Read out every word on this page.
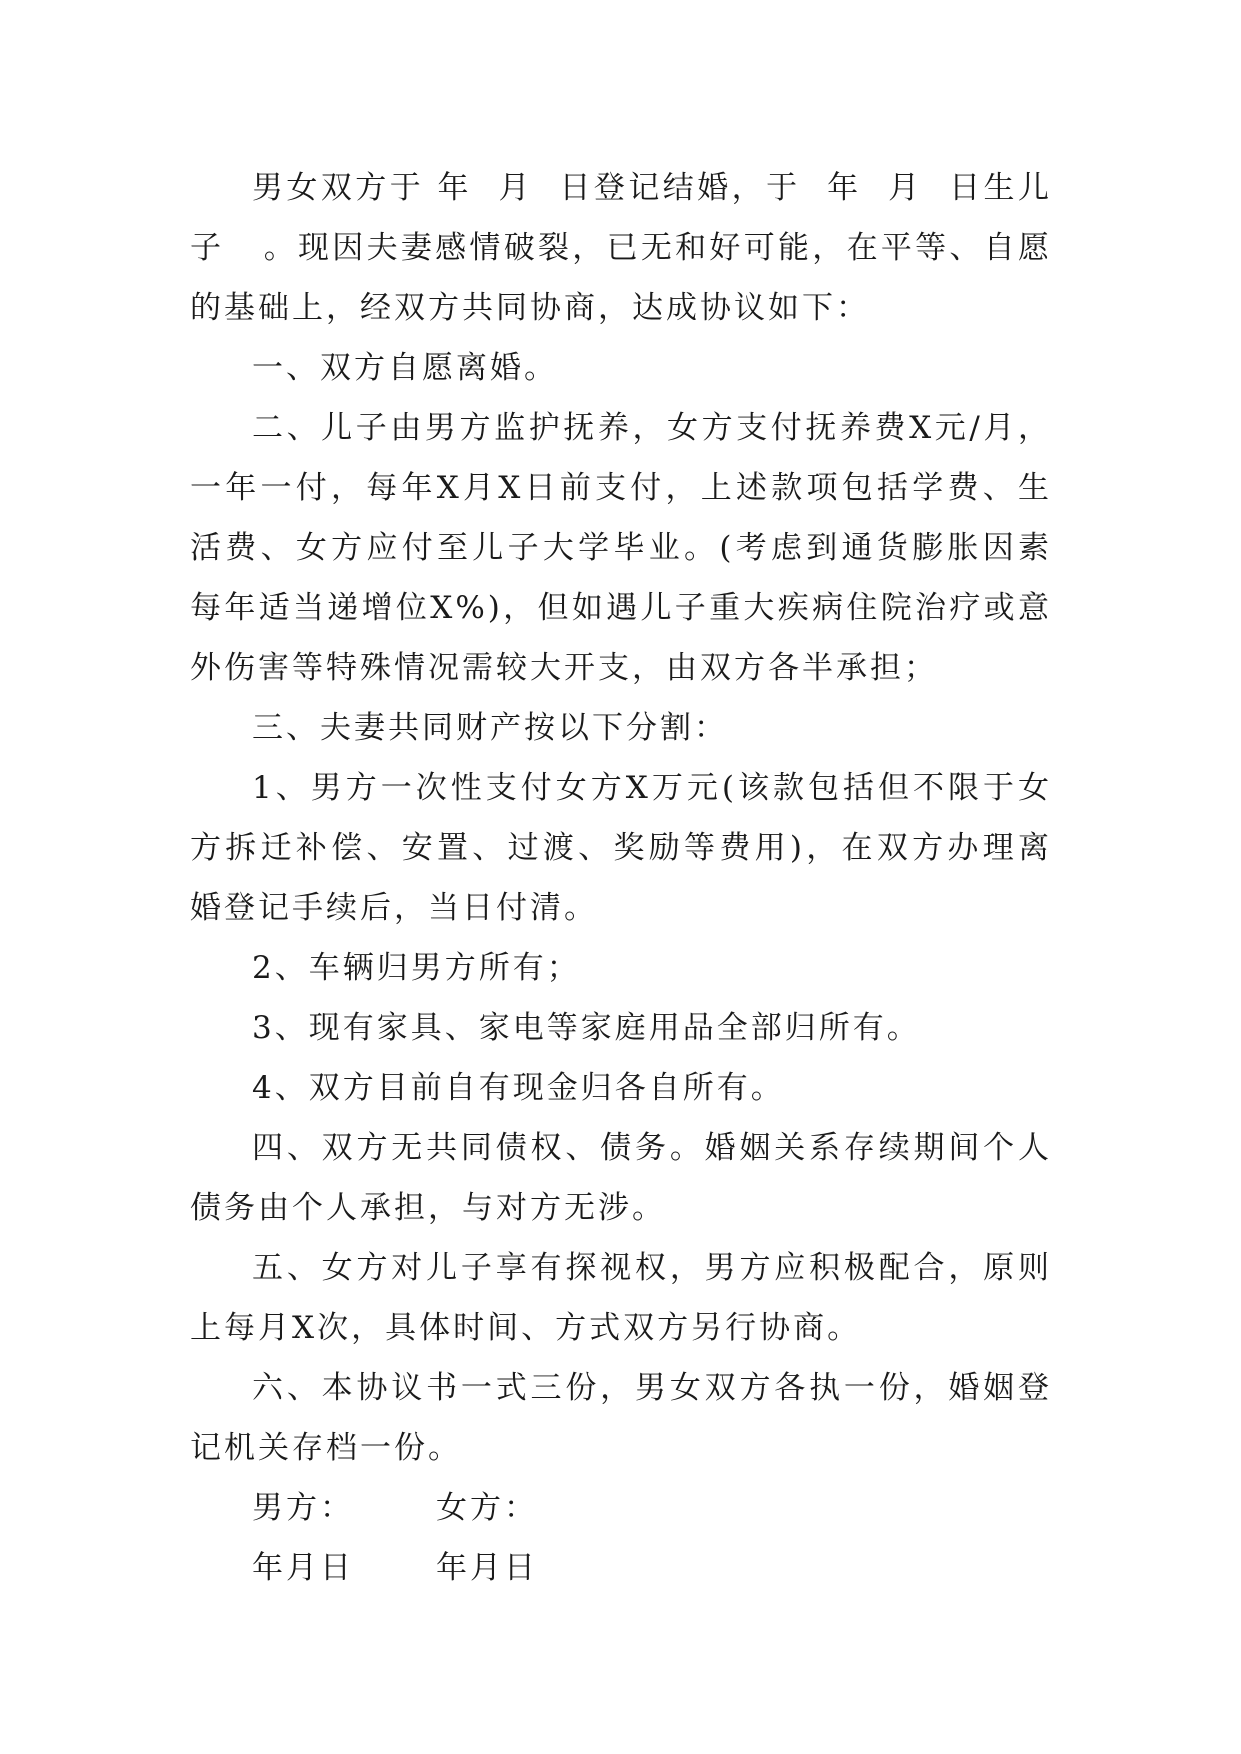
男女双方于 年  月  日登记结婚，于  年  月  日生儿子   。现因夫妻感情破裂，已无和好可能，在平等、自愿的基础上，经双方共同协商，达成协议如下：

一、双方自愿离婚。

二、儿子由男方监护抚养，女方支付抚养费X元/月，一年一付，每年X月X日前支付，上述款项包括学费、生活费、女方应付至儿子大学毕业。(考虑到通货膨胀因素每年适当递增位X%)，但如遇儿子重大疾病住院治疗或意外伤害等特殊情况需较大开支，由双方各半承担；

三、夫妻共同财产按以下分割：

1、男方一次性支付女方X万元(该款包括但不限于女方拆迁补偿、安置、过渡、奖励等费用)，在双方办理离婚登记手续后，当日付清。

2、车辆归男方所有；

3、现有家具、家电等家庭用品全部归所有。

4、双方目前自有现金归各自所有。

四、双方无共同债权、债务。婚姻关系存续期间个人债务由个人承担，与对方无涉。

五、女方对儿子享有探视权，男方应积极配合，原则上每月X次，具体时间、方式双方另行协商。

六、本协议书一式三份，男女双方各执一份，婚姻登记机关存档一份。

男方：	女方：
年月日	年月日
